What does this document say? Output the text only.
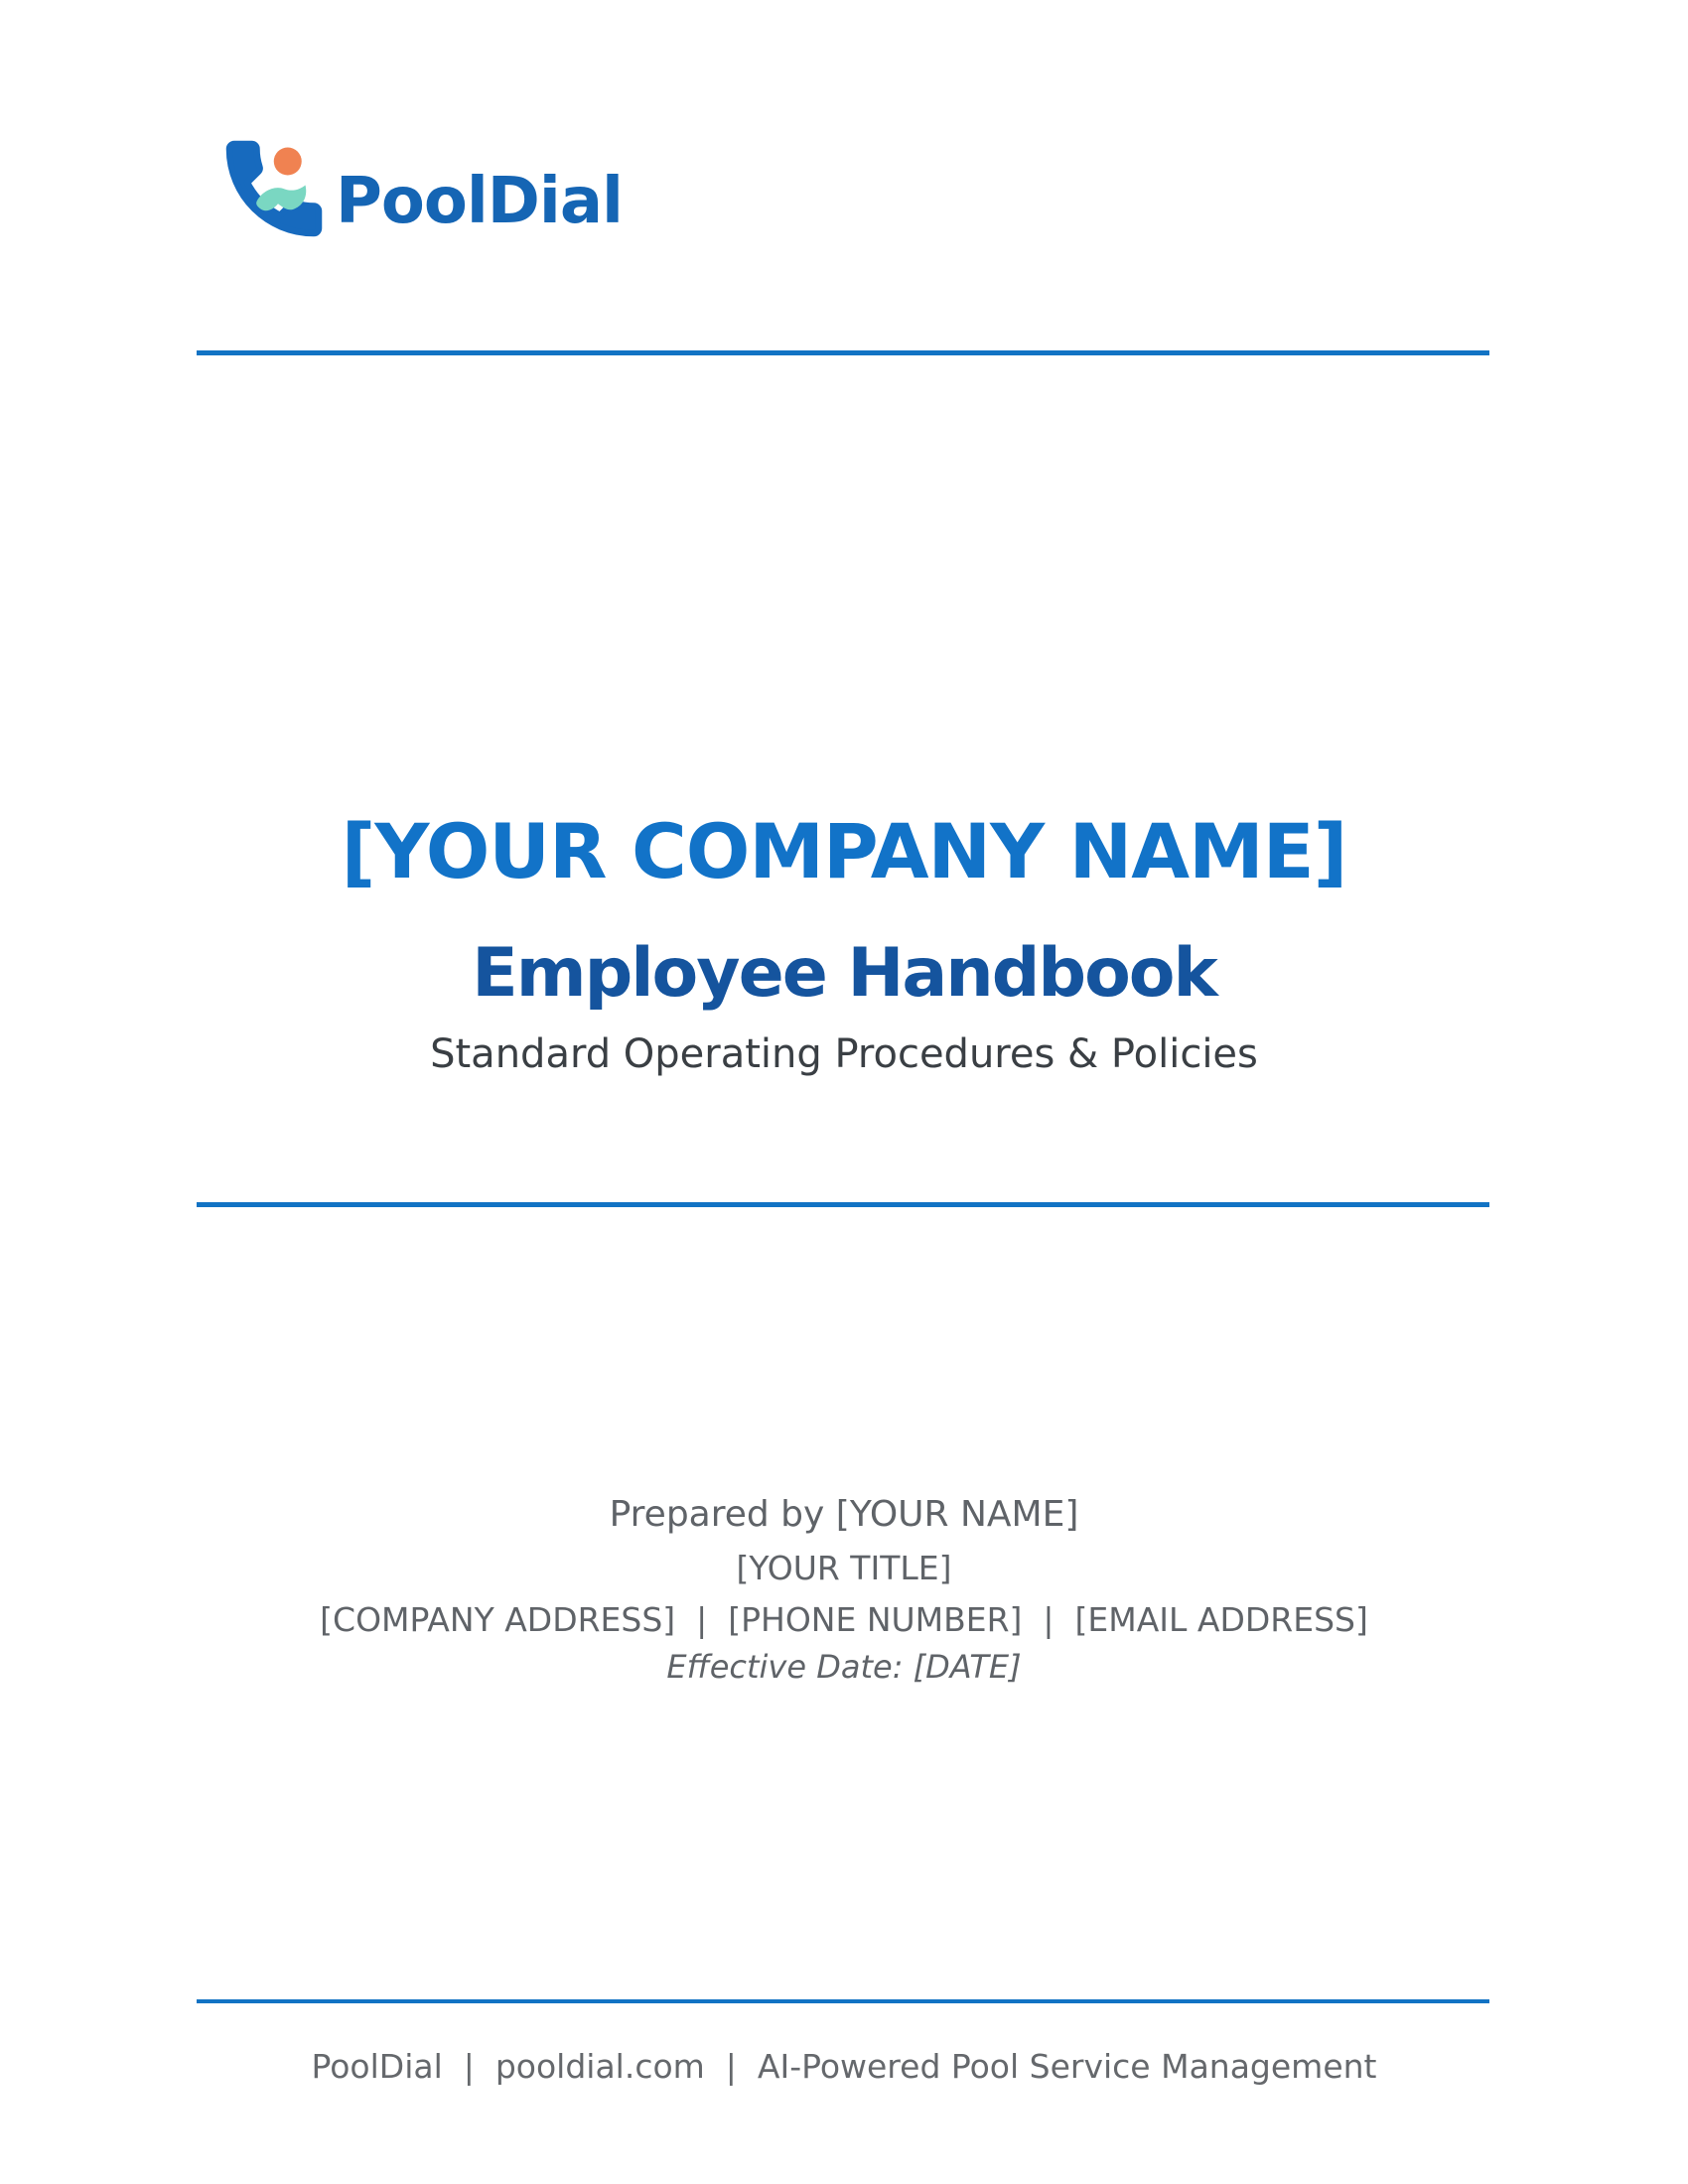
PoolDial
[YOUR COMPANY NAME]
Employee Handbook
Standard Operating Procedures & Policies
Prepared by [YOUR NAME]
[YOUR TITLE]
[COMPANY ADDRESS]  |  [PHONE NUMBER]  |  [EMAIL ADDRESS]
Effective Date: [DATE]
PoolDial  |  pooldial.com  |  AI-Powered Pool Service Management
